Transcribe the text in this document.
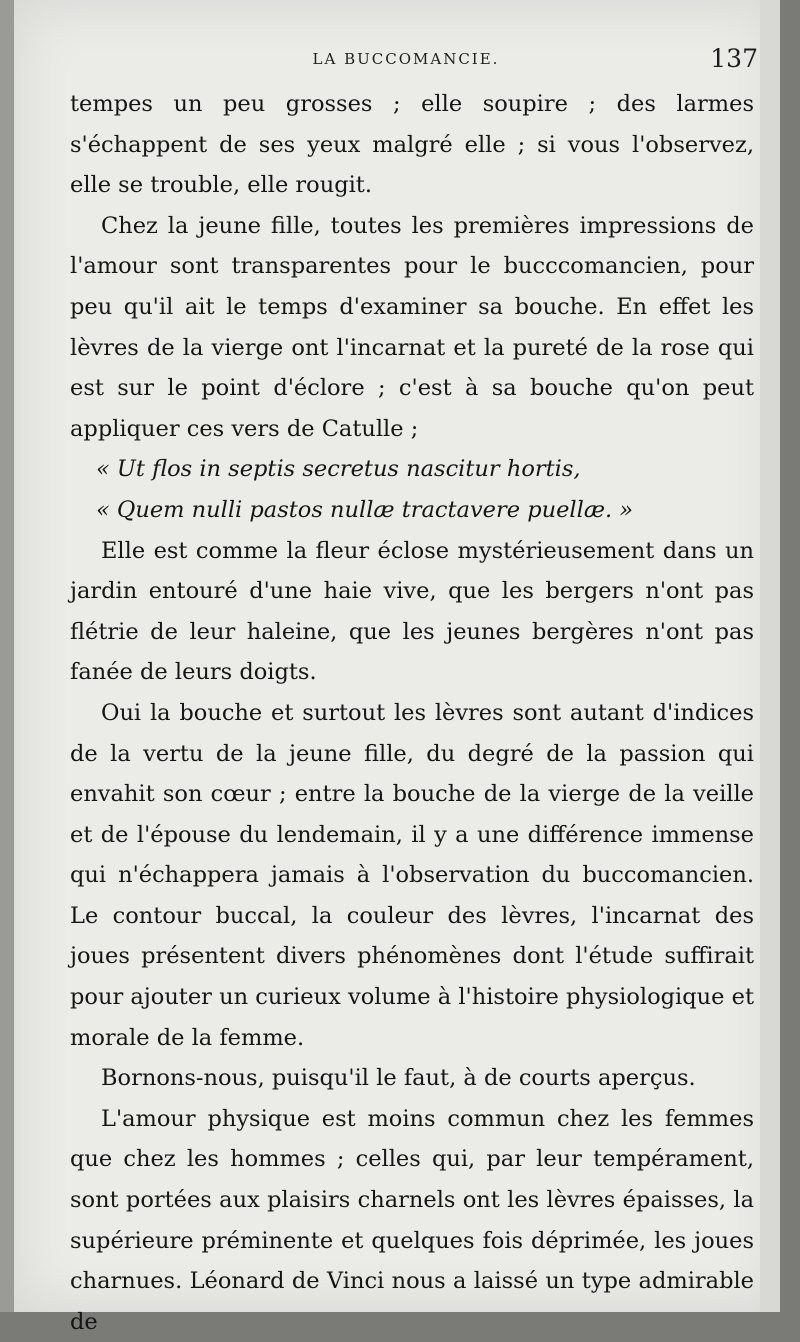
LA BUCCOMANCIE.	137

tempes un peu grosses ; elle soupire ; des larmes s'échappent de ses yeux malgré elle ; si vous l'observez, elle se trouble, elle rougit.

Chez la jeune fille, toutes les premières impressions de l'amour sont transparentes pour le bucccomancien, pour peu qu'il ait le temps d'examiner sa bouche. En effet les lèvres de la vierge ont l'incarnat et la pureté de la rose qui est sur le point d'éclore ; c'est à sa bouche qu'on peut appliquer ces vers de Catulle ;

« Ut flos in septis secretus nascitur hortis,

« Quem nulli pastos nullæ tractavere puellæ. »

Elle est comme la fleur éclose mystérieusement dans un jardin entouré d'une haie vive, que les bergers n'ont pas flétrie de leur haleine, que les jeunes bergères n'ont pas fanée de leurs doigts.

Oui la bouche et surtout les lèvres sont autant d'indices de la vertu de la jeune fille, du degré de la passion qui envahit son cœur ; entre la bouche de la vierge de la veille et de l'épouse du lendemain, il y a une différence immense qui n'échappera jamais à l'observation du buccomancien. Le contour buccal, la couleur des lèvres, l'incarnat des joues présentent divers phénomènes dont l'étude suffirait pour ajouter un curieux volume à l'histoire physiologique et morale de la femme.

Bornons-nous, puisqu'il le faut, à de courts aperçus.

L'amour physique est moins commun chez les femmes que chez les hommes ; celles qui, par leur tempérament, sont portées aux plaisirs charnels ont les lèvres épaisses, la supérieure préminente et quelques fois déprimée, les joues charnues. Léonard de Vinci nous a laissé un type admirable de
